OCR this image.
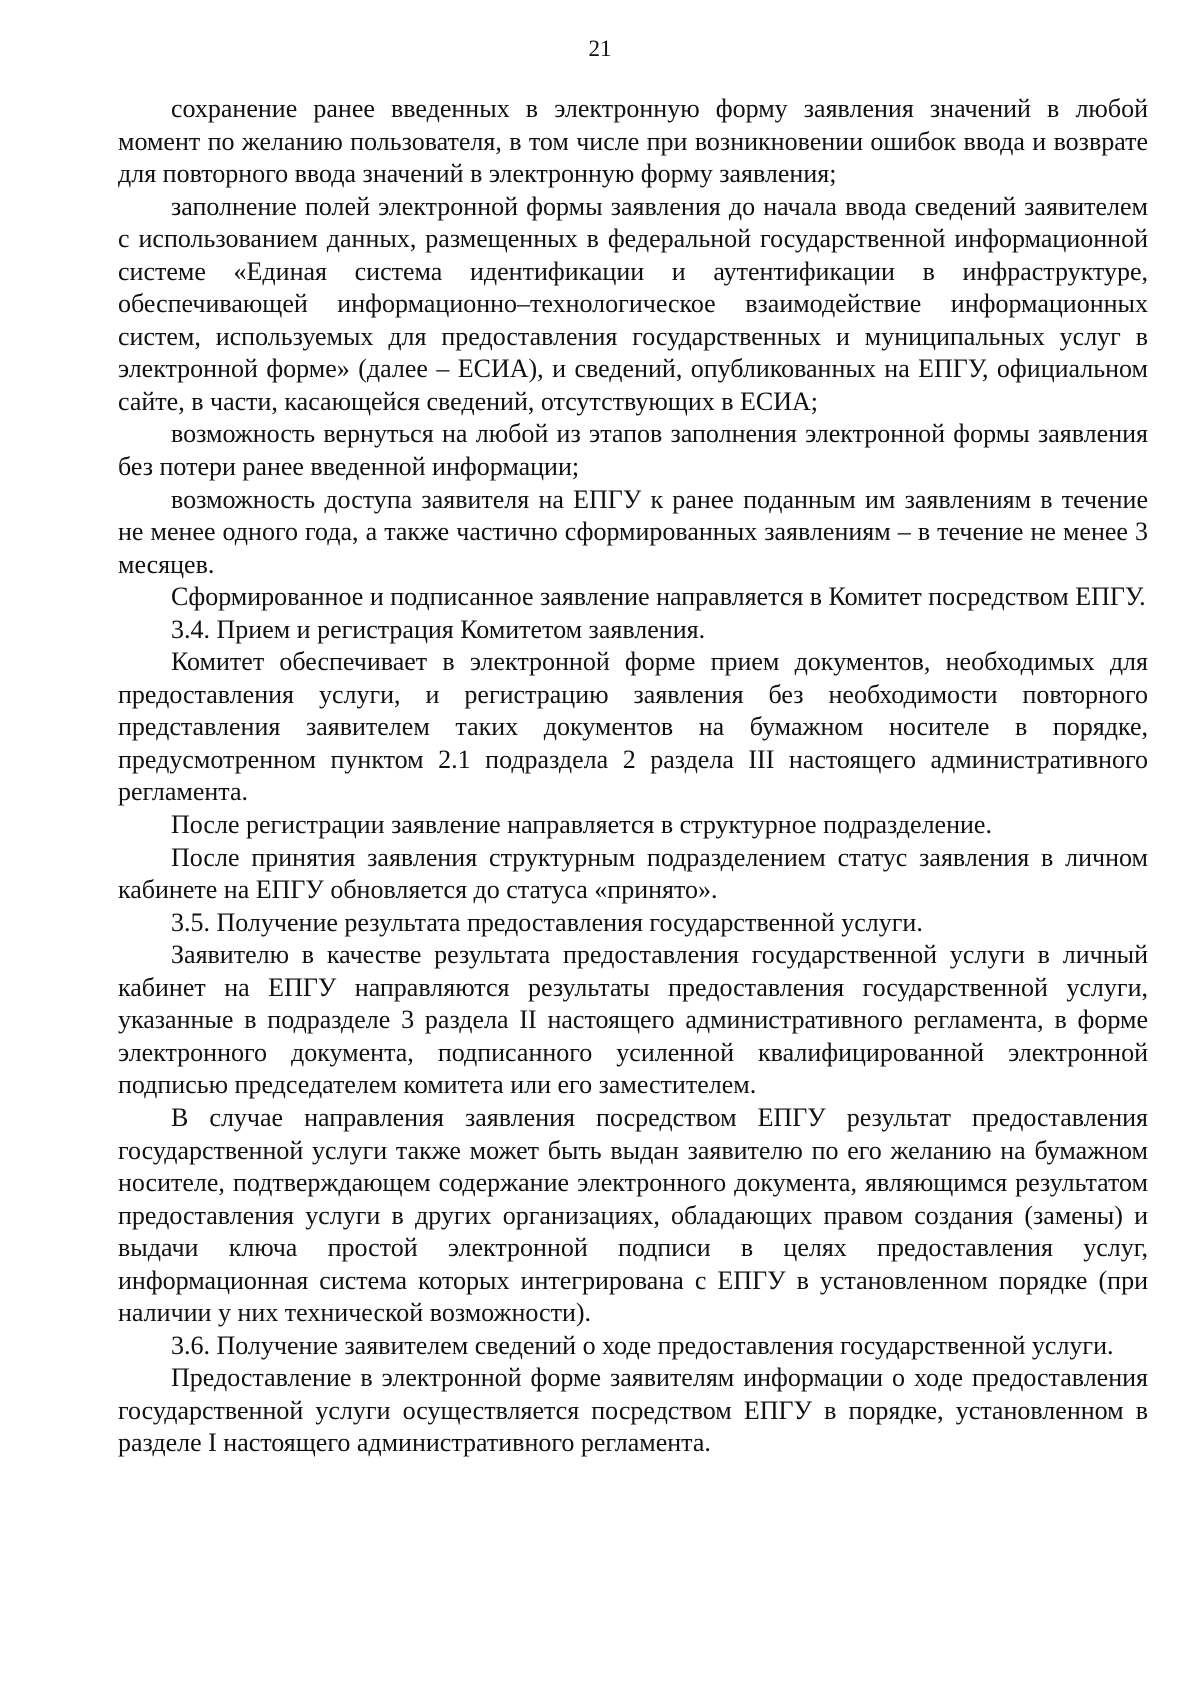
21

сохранение ранее введенных в электронную форму заявления значений в любой момент по желанию пользователя, в том числе при возникновении ошибок ввода и возврате для повторного ввода значений в электронную форму заявления;

заполнение полей электронной формы заявления до начала ввода сведений заявителем с использованием данных, размещенных в федеральной государственной информационной системе «Единая система идентификации и аутентификации в инфраструктуре, обеспечивающей информационно–технологическое взаимодействие информационных систем, используемых для предоставления государственных и муниципальных услуг в электронной форме» (далее – ЕСИА), и сведений, опубликованных на ЕПГУ, официальном сайте, в части, касающейся сведений, отсутствующих в ЕСИА;

возможность вернуться на любой из этапов заполнения электронной формы заявления без потери ранее введенной информации;

возможность доступа заявителя на ЕПГУ к ранее поданным им заявлениям в течение не менее одного года, а также частично сформированных заявлениям – в течение не менее 3 месяцев.

Сформированное и подписанное заявление направляется в Комитет посредством ЕПГУ.

3.4. Прием и регистрация Комитетом заявления.

Комитет обеспечивает в электронной форме прием документов, необходимых для предоставления услуги, и регистрацию заявления без необходимости повторного представления заявителем таких документов на бумажном носителе в порядке, предусмотренном пунктом 2.1 подраздела 2 раздела III настоящего административного регламента.

После регистрации заявление направляется в структурное подразделение.

После принятия заявления структурным подразделением статус заявления в личном кабинете на ЕПГУ обновляется до статуса «принято».

3.5. Получение результата предоставления государственной услуги.

Заявителю в качестве результата предоставления государственной услуги в личный кабинет на ЕПГУ направляются результаты предоставления государственной услуги, указанные в подразделе 3 раздела II настоящего административного регламента, в форме электронного документа, подписанного усиленной квалифицированной электронной подписью председателем комитета или его заместителем.

В случае направления заявления посредством ЕПГУ результат предоставления государственной услуги также может быть выдан заявителю по его желанию на бумажном носителе, подтверждающем содержание электронного документа, являющимся результатом предоставления услуги в других организациях, обладающих правом создания (замены) и выдачи ключа простой электронной подписи в целях предоставления услуг, информационная система которых интегрирована с ЕПГУ в установленном порядке (при наличии у них технической возможности).

3.6. Получение заявителем сведений о ходе предоставления государственной услуги.

Предоставление в электронной форме заявителям информации о ходе предоставления государственной услуги осуществляется посредством ЕПГУ в порядке, установленном в разделе I настоящего административного регламента.
